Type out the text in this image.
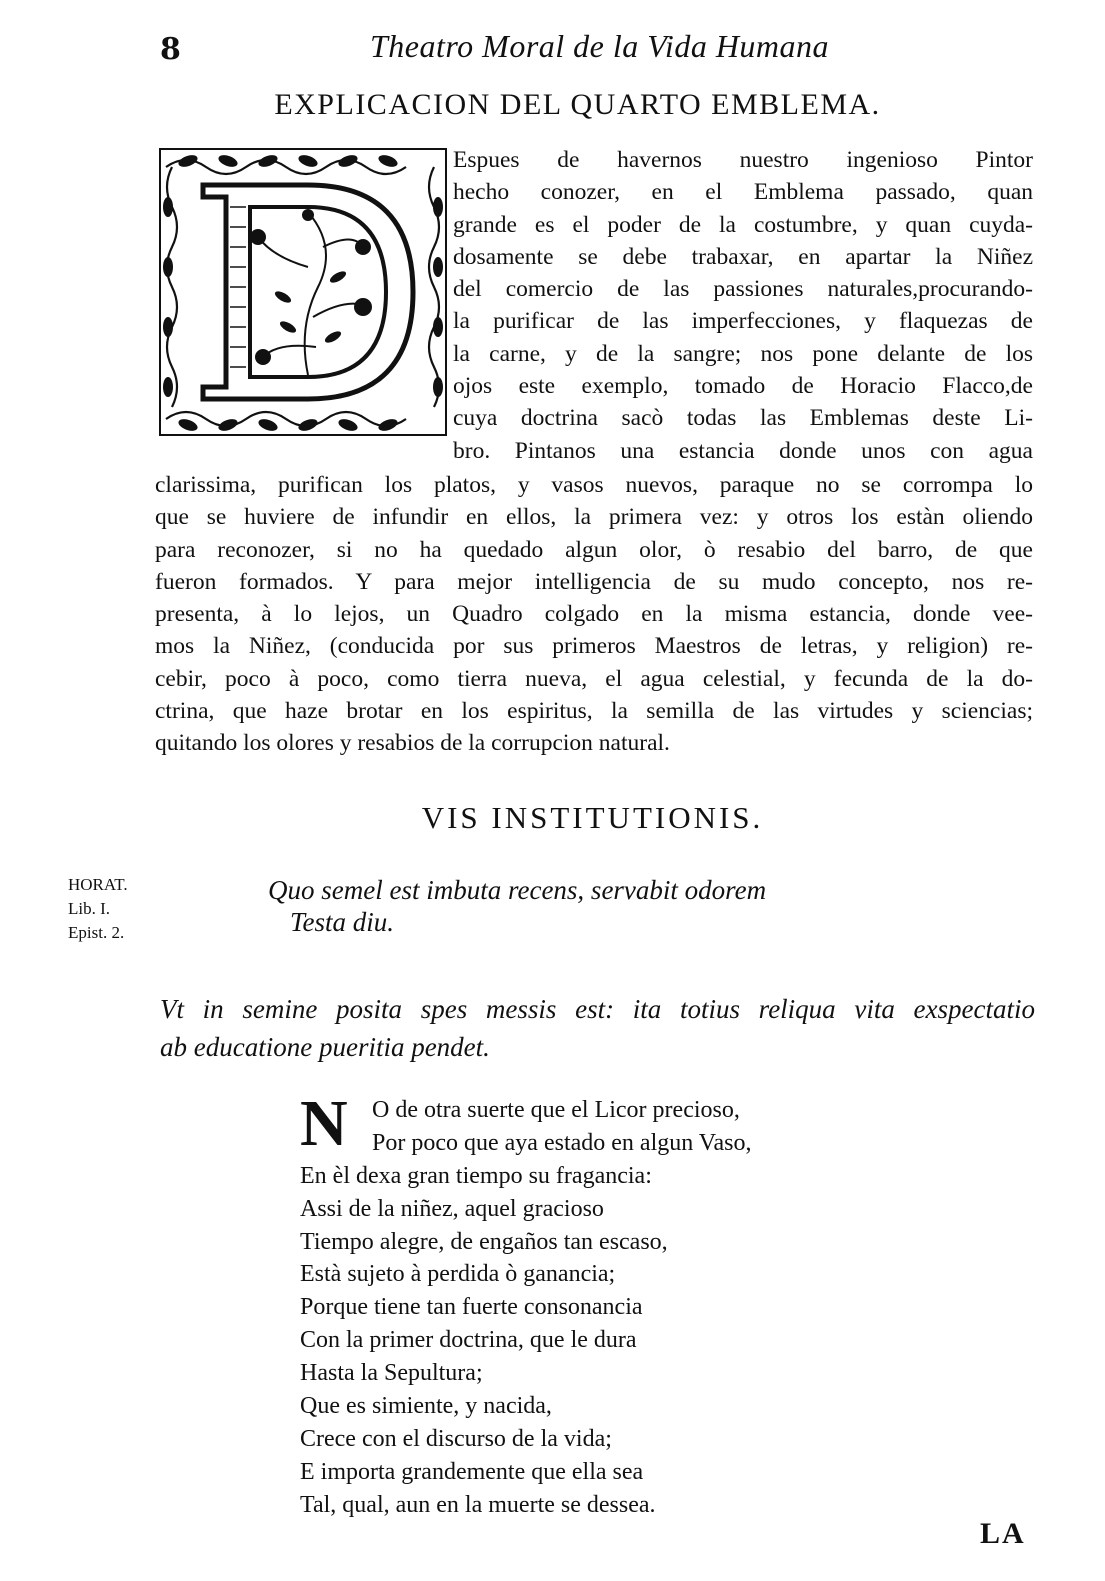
8	Theatro Moral de la Vida Humana
EXPLICACION DEL QUARTO EMBLEMA.
Espues de havernos nuestro ingenioso Pintor
hecho conozer, en el Emblema passado, quan
grande es el poder de la costumbre, y quan cuyda-
dosamente se debe trabaxar, en apartar la Niñez
del comercio de las passiones naturales,procurando-
la purificar de las imperfecciones, y flaquezas de
la carne, y de la sangre; nos pone delante de los
ojos este exemplo, tomado de Horacio Flacco,de
cuya doctrina sacò todas las Emblemas deste Li-
bro. Pintanos una estancia donde unos con agua
clarissima, purifican los platos, y vasos nuevos, paraque no se corrompa lo
que se huviere de infundir en ellos, la primera vez: y otros los estàn oliendo
para reconozer, si no ha quedado algun olor, ò resabio del barro, de que
fueron formados. Y para mejor intelligencia de su mudo concepto, nos re-
presenta, à lo lejos, un Quadro colgado en la misma estancia, donde vee-
mos la Niñez, (conducida por sus primeros Maestros de letras, y religion) re-
cebir, poco à poco, como tierra nueva, el agua celestial, y fecunda de la do-
ctrina, que haze brotar en los espiritus, la semilla de las virtudes y sciencias;
quitando los olores y resabios de la corrupcion natural.
VIS INSTITUTIONIS.
HORAT.
Lib. I.
Epist. 2.
Quo semel est imbuta recens, servabit odorem
Testa diu.
Vt in semine posita spes messis est: ita totius reliqua vita exspectatio
ab educatione pueritia pendet.
N	O de otra suerte que el Licor precioso,
Por poco que aya estado en algun Vaso,
En èl dexa gran tiempo su fragancia:
Assi de la niñez, aquel gracioso
Tiempo alegre, de engaños tan escaso,
Està sujeto à perdida ò ganancia;
Porque tiene tan fuerte consonancia
Con la primer doctrina, que le dura
Hasta la Sepultura;
Que es simiente, y nacida,
Crece con el discurso de la vida;
E importa grandemente que ella sea
Tal, qual, aun en la muerte se dessea.
LA
